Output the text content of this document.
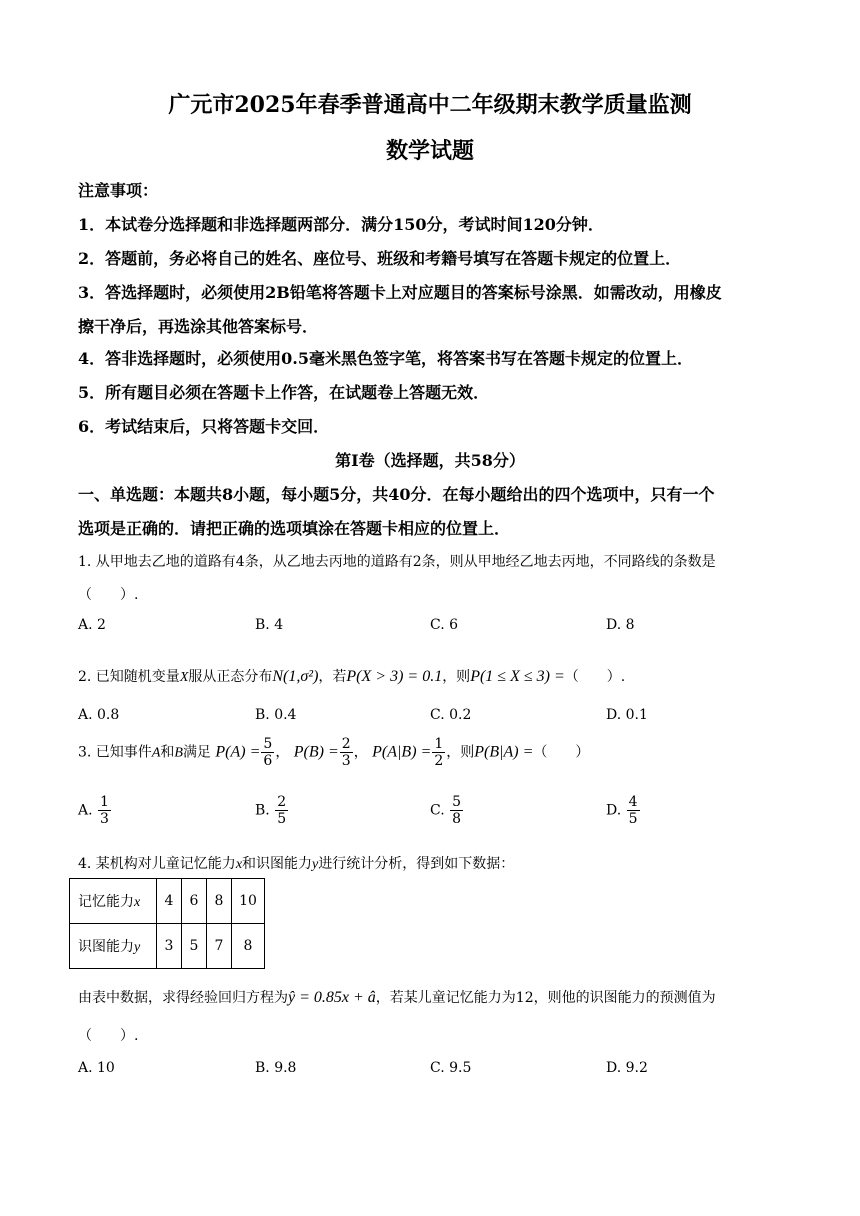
广元市2025年春季普通高中二年级期末教学质量监测
数学试题
注意事项：
1．本试卷分选择题和非选择题两部分．满分150分，考试时间120分钟．
2．答题前，务必将自己的姓名、座位号、班级和考籍号填写在答题卡规定的位置上．
3．答选择题时，必须使用2B铅笔将答题卡上对应题目的答案标号涂黑．如需改动，用橡皮
擦干净后，再选涂其他答案标号．
4．答非选择题时，必须使用0.5毫米黑色签字笔，将答案书写在答题卡规定的位置上．
5．所有题目必须在答题卡上作答，在试题卷上答题无效．
6．考试结束后，只将答题卡交回．
第Ⅰ卷（选择题，共58分）
一、单选题：本题共8小题，每小题5分，共40分．在每小题给出的四个选项中，只有一个
选项是正确的．请把正确的选项填涂在答题卡相应的位置上．
1. 从甲地去乙地的道路有4条，从乙地去丙地的道路有2条，则从甲地经乙地去丙地，不同路线的条数是
（　　）.
A. 2	B. 4	C. 6	D. 8
2. 已知随机变量X服从正态分布N(1,σ²)，若P(X > 3) = 0.1，则P(1 ≤ X ≤ 3) =（　　）.
A. 0.8	B. 0.4	C. 0.2	D. 0.1
3. 已知事件A和B满足 $P(A) = \frac{5}{6}$ ， $P(B) = \frac{2}{3}$ ， $P(A|B) = \frac{1}{2}$ ，则P(B|A) =（　　）
A. $\frac{1}{3}$	B. $\frac{2}{5}$	C. $\frac{5}{8}$	D. $\frac{4}{5}$
4. 某机构对儿童记忆能力x和识图能力y进行统计分析，得到如下数据：
记忆能力x	4	6	8	10
识图能力y	3	5	7	8
由表中数据，求得经验回归方程为ŷ = 0.85x + â，若某儿童记忆能力为12，则他的识图能力的预测值为
（　　）.
A. 10	B. 9.8	C. 9.5	D. 9.2
